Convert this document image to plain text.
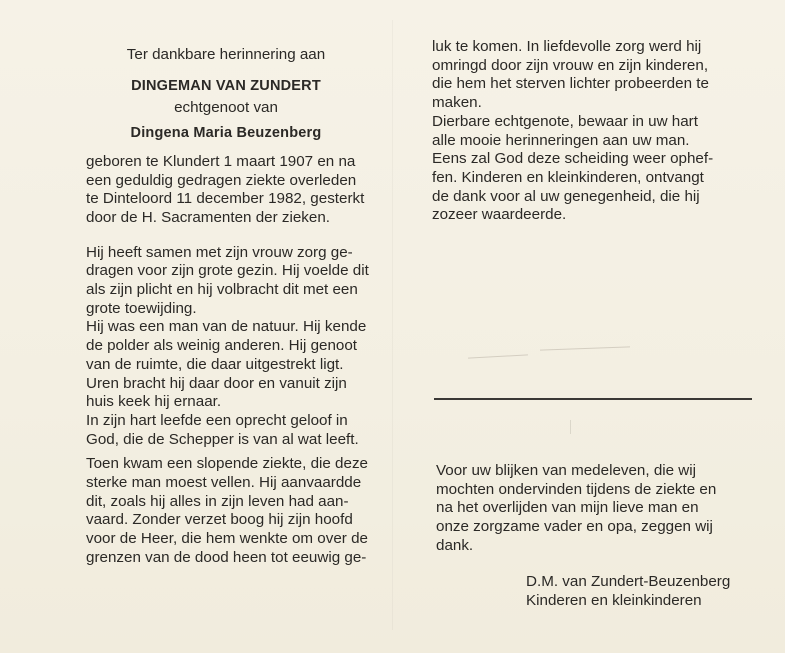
Ter dankbare herinnering aan

DINGEMAN VAN ZUNDERT

echtgenoot van

Dingena Maria Beuzenberg

geboren te Klundert 1 maart 1907 en na

een geduldig gedragen ziekte overleden

te Dinteloord 11 december 1982, gesterkt

door de H. Sacramenten der zieken.

Hij heeft samen met zijn vrouw zorg ge-

dragen voor zijn grote gezin. Hij voelde dit

als zijn plicht en hij volbracht dit met een

grote toewijding.

Hij was een man van de natuur. Hij kende

de polder als weinig anderen. Hij genoot

van de ruimte, die daar uitgestrekt ligt.

Uren bracht hij daar door en vanuit zijn

huis keek hij ernaar.

In zijn hart leefde een oprecht geloof in

God, die de Schepper is van al wat leeft.

Toen kwam een slopende ziekte, die deze

sterke man moest vellen. Hij aanvaardde

dit, zoals hij alles in zijn leven had aan-

vaard. Zonder verzet boog hij zijn hoofd

voor de Heer, die hem wenkte om over de

grenzen van de dood heen tot eeuwig ge-

luk te komen. In liefdevolle zorg werd hij

omringd door zijn vrouw en zijn kinderen,

die hem het sterven lichter probeerden te

maken.

Dierbare echtgenote, bewaar in uw hart

alle mooie herinneringen aan uw man.

Eens zal God deze scheiding weer ophef-

fen. Kinderen en kleinkinderen, ontvangt

de dank voor al uw genegenheid, die hij

zozeer waardeerde.

Voor uw blijken van medeleven, die wij

mochten ondervinden tijdens de ziekte en

na het overlijden van mijn lieve man en

onze zorgzame vader en opa, zeggen wij

dank.

D.M. van Zundert-Beuzenberg

Kinderen en kleinkinderen
